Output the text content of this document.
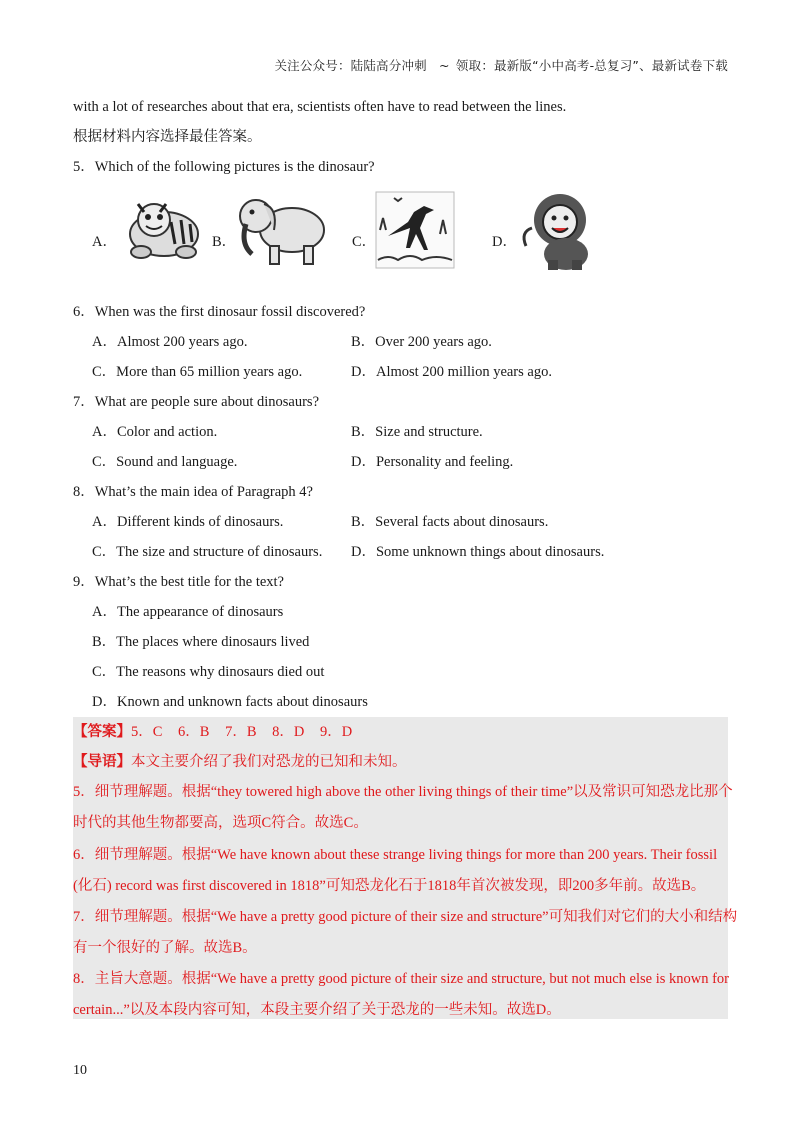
关注公众号：陆陆高分冲刺 ~ 领取：最新版“小中高考-总复习”、最新试卷下载
with a lot of researches about that era, scientists often have to read between the lines.
根据材料内容选择最佳答案。
5．Which of the following pictures is the dinosaur?
A．	B．	C．	D．
6．When was the first dinosaur fossil discovered?
A．Almost 200 years ago.	B．Over 200 years ago.
C．More than 65 million years ago.	D．Almost 200 million years ago.
7．What are people sure about dinosaurs?
A．Color and action.	B．Size and structure.
C．Sound and language.	D．Personality and feeling.
8．What’s the main idea of Paragraph 4?
A．Different kinds of dinosaurs.	B．Several facts about dinosaurs.
C．The size and structure of dinosaurs. D．Some unknown things about dinosaurs.
9．What’s the best title for the text?
A．The appearance of dinosaurs
B．The places where dinosaurs lived
C．The reasons why dinosaurs died out
D．Known and unknown facts about dinosaurs
【答案】5．C 6．B 7．B 8．D 9．D
【导语】本文主要介绍了我们对恐龙的已知和未知。
5．细节理解题。根据“they towered high above the other living things of their time”以及常识可知恐龙比那个
时代的其他生物都要高，选项C符合。故选C。
6．细节理解题。根据“We have known about these strange living things for more than 200 years. Their fossil
(化石) record was first discovered in 1818”可知恐龙化石于1818年首次被发现，即200多年前。故选B。
7．细节理解题。根据“We have a pretty good picture of their size and structure”可知我们对它们的大小和结构
有一个很好的了解。故选B。
8．主旨大意题。根据“We have a pretty good picture of their size and structure, but not much else is known for
certain...”以及本段内容可知，本段主要介绍了关于恐龙的一些未知。故选D。
10
